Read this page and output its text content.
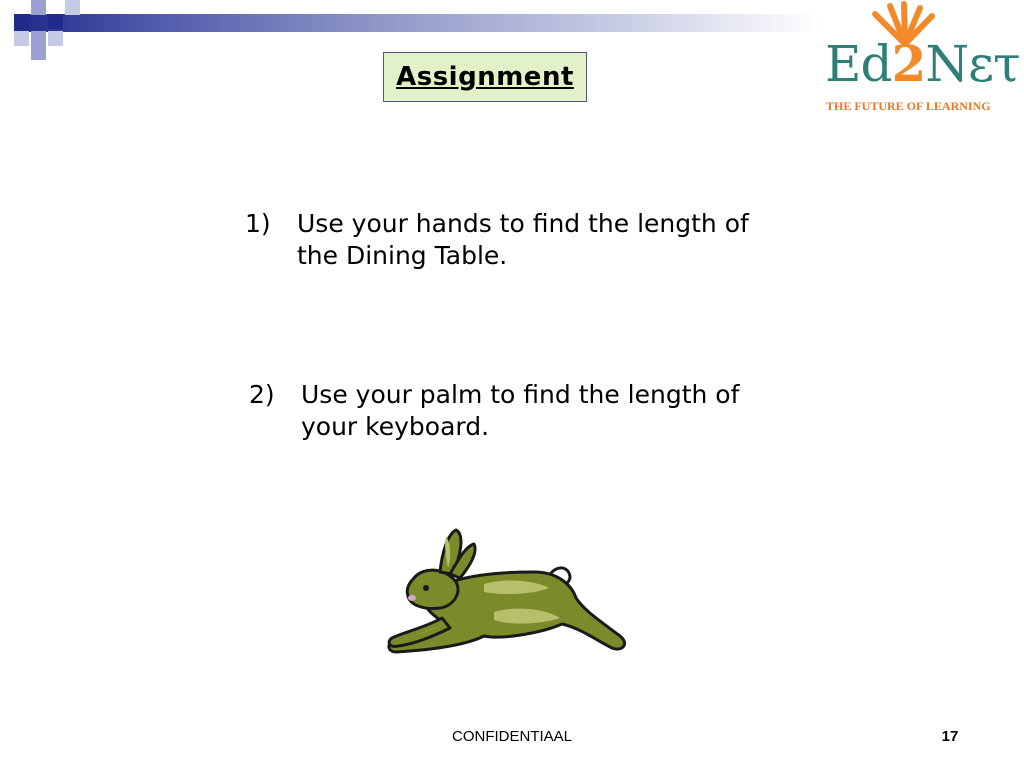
Assignment	Ed2Nετ
THE FUTURE OF LEARNING
1) Use your hands to find the length of
the Dining Table.
2) Use your palm to find the length of
your keyboard.
CONFIDENTIAAL	17
